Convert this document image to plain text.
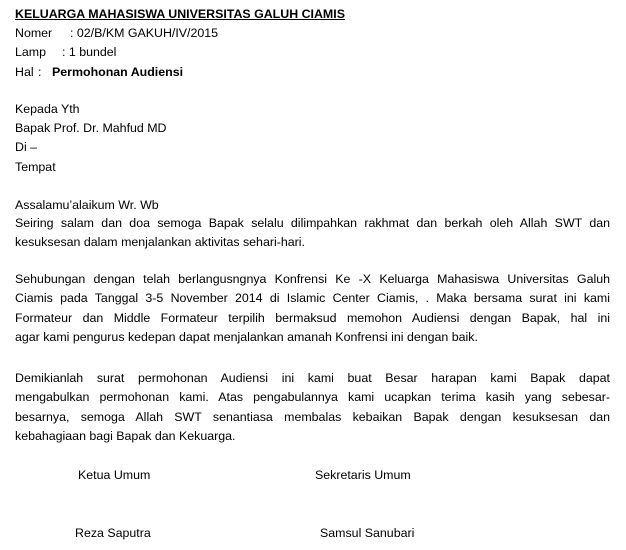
KELUARGA MAHASISWA UNIVERSITAS GALUH CIAMIS
Nomer : 02/B/KM GAKUH/IV/2015
Lamp : 1 bundel
Hal : Permohonan Audiensi
Kepada Yth
Bapak Prof. Dr. Mahfud MD
Di –
Tempat
Assalamu’alaikum Wr. Wb
Seiring salam dan doa semoga Bapak selalu dilimpahkan rakhmat dan berkah oleh Allah SWT dan
kesuksesan dalam menjalankan aktivitas sehari-hari.
Sehubungan dengan telah berlangusngnya Konfrensi Ke -X Keluarga Mahasiswa Universitas Galuh
Ciamis pada Tanggal 3-5 November 2014 di Islamic Center Ciamis, . Maka bersama surat ini kami
Formateur dan Middle Formateur terpilih bermaksud memohon Audiensi dengan Bapak, hal ini
agar kami pengurus kedepan dapat menjalankan amanah Konfrensi ini dengan baik.
Demikianlah surat permohonan Audiensi ini kami buat Besar harapan kami Bapak dapat
mengabulkan permohonan kami. Atas pengabulannya kami ucapkan terima kasih yang sebesar-
besarnya, semoga Allah SWT senantiasa membalas kebaikan Bapak dengan kesuksesan dan
kebahagiaan bagi Bapak dan Kekuarga.
Ketua Umum	Sekretaris Umum
Reza Saputra	Samsul Sanubari
